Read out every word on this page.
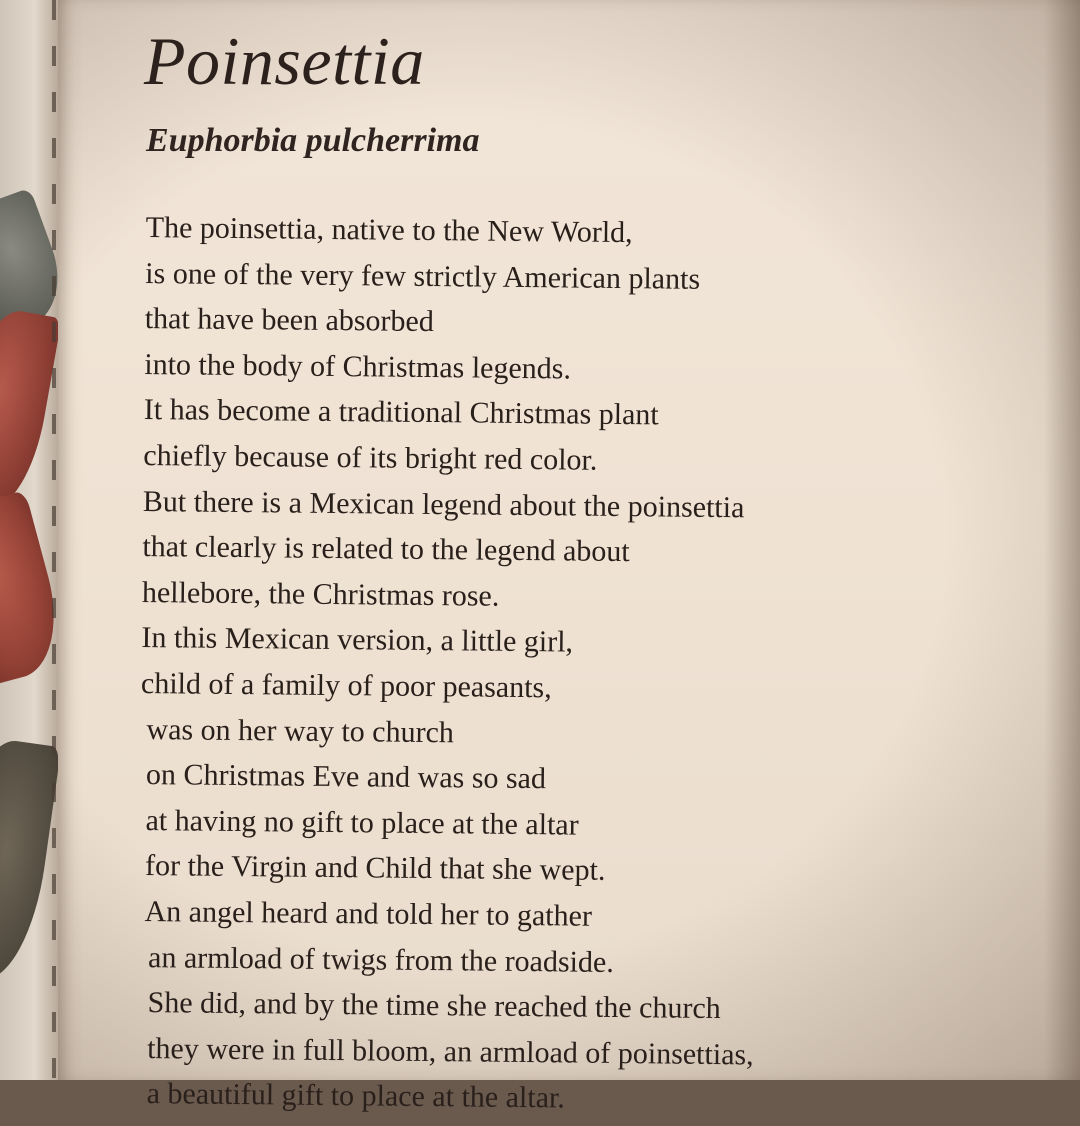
Poinsettia
Euphorbia pulcherrima
The poinsettia, native to the New World,
is one of the very few strictly American plants
that have been absorbed
into the body of Christmas legends.
It has become a traditional Christmas plant
chiefly because of its bright red color.
But there is a Mexican legend about the poinsettia
that clearly is related to the legend about
hellebore, the Christmas rose.
In this Mexican version, a little girl,
child of a family of poor peasants,
was on her way to church
on Christmas Eve and was so sad
at having no gift to place at the altar
for the Virgin and Child that she wept.
An angel heard and told her to gather
an armload of twigs from the roadside.
She did, and by the time she reached the church
they were in full bloom, an armload of poinsettias,
a beautiful gift to place at the altar.
